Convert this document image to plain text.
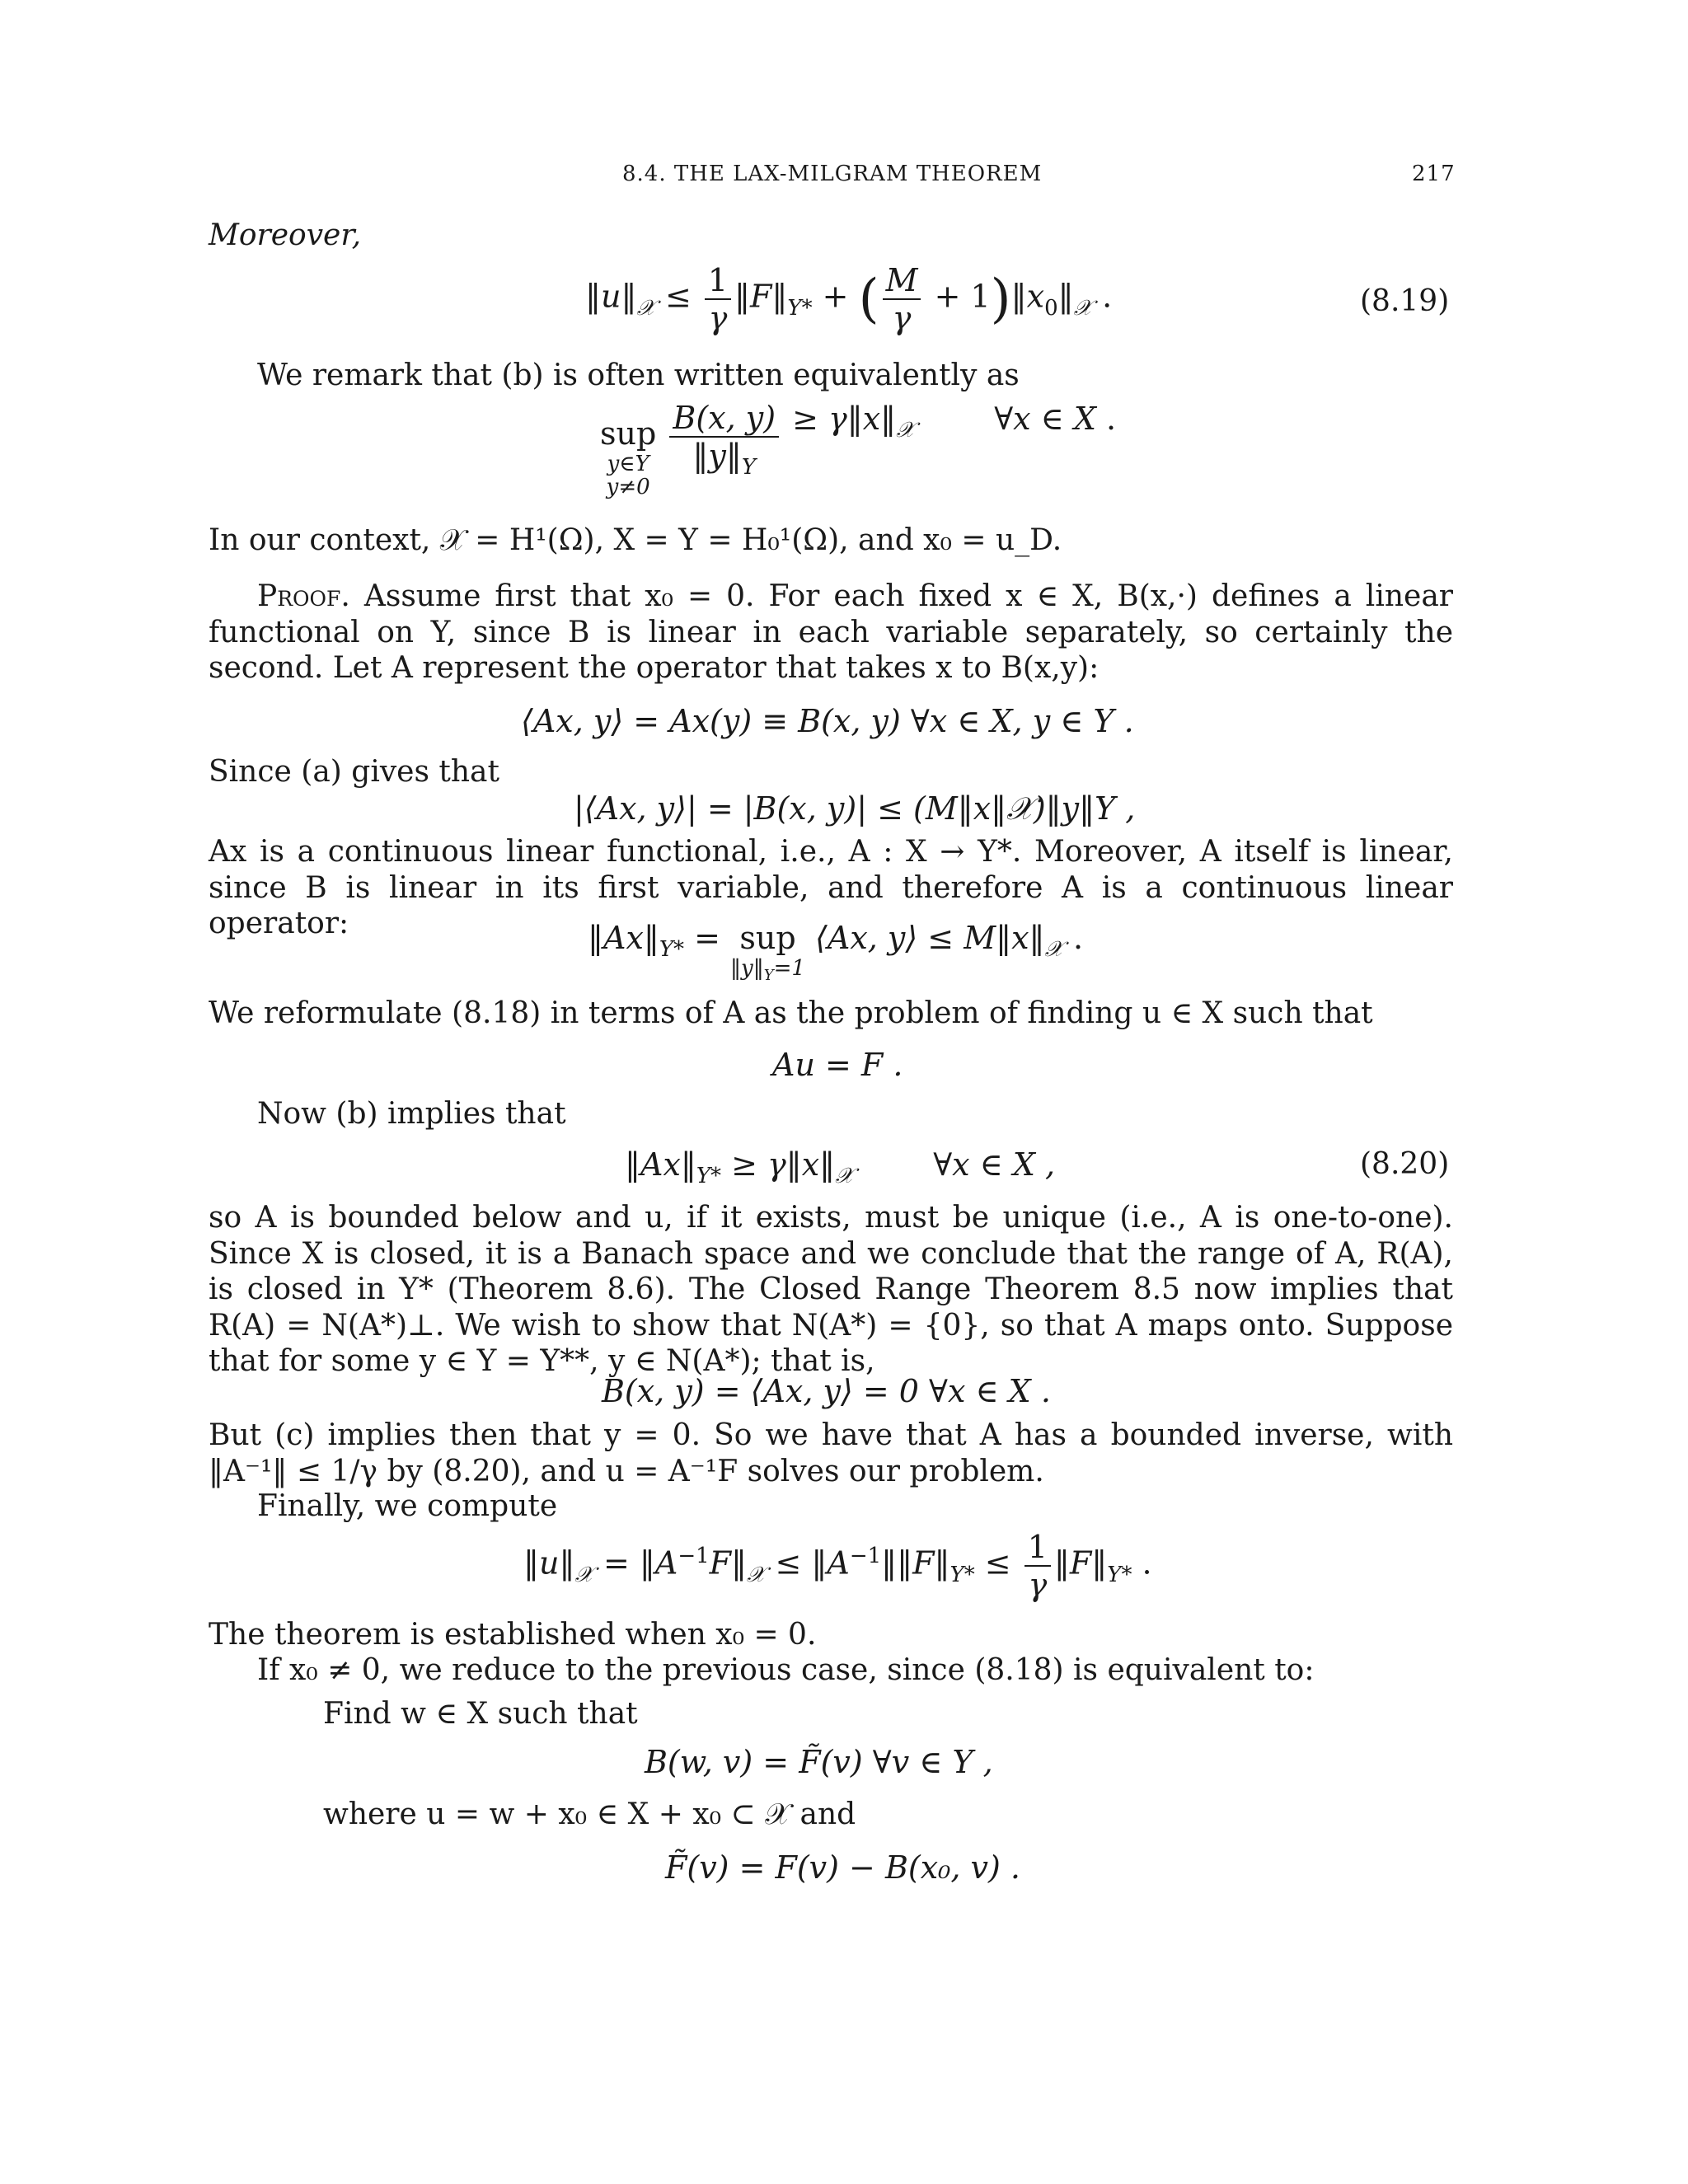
8.4. THE LAX-MILGRAM THEOREM	217
Moreover,
$‖u‖_𝒳 \le \frac{1}{\gamma}$ $‖F‖_{Y*}$ + ( $\frac{M}{\gamma}$ + $1)‖x_0‖_𝒳$ .	(8.19)
We remark that (b) is often written equivalently as
sup
y∈Y
y≠0

$\frac{B(x, y)}{‖y‖_Y}$ ≥ $\gamma‖x‖_𝒳$        ∀x ∈ X .
In our context, 𝒳 = H¹(Ω), X = Y = H₀¹(Ω), and x₀ = u_D.
Proof. Assume first that x₀ = 0. For each fixed x ∈ X, B(x,·) defines a linear functional on Y, since B is linear in each variable separately, so certainly the second. Let A represent the operator that takes x to B(x,y):
⟨Ax, y⟩ = Ax(y) ≡ B(x, y) ∀x ∈ X, y ∈ Y .
Since (a) gives that
|⟨Ax, y⟩| = |B(x, y)| ≤ (M‖x‖𝒳)‖y‖Y ,
Ax is a continuous linear functional, i.e., A : X → Y*. Moreover, A itself is linear, since B is linear in its first variable, and therefore A is a continuous linear operator:	$‖Ax‖_{Y*}$ = sup
$‖y‖_Y=1$
⟨Ax, y⟩ ≤ $M‖x‖_𝒳$ .
We reformulate (8.18) in terms of A as the problem of finding u ∈ X such that
Au = F .
Now (b) implies that
$‖Ax‖_{Y*}$ ≥ $\gamma‖x‖_𝒳$        ∀x ∈ X ,	(8.20)
so A is bounded below and u, if it exists, must be unique (i.e., A is one-to-one). Since X is closed, it is a Banach space and we conclude that the range of A, R(A), is closed in Y* (Theorem 8.6). The Closed Range Theorem 8.5 now implies that R(A) = N(A*)⊥. We wish to show that N(A*) = {0}, so that A maps onto. Suppose that for some y ∈ Y = Y**, y ∈ N(A*); that is,
B(x, y) = ⟨Ax, y⟩ = 0 ∀x ∈ X .
But (c) implies then that y = 0. So we have that A has a bounded inverse, with ‖A⁻¹‖ ≤ 1/γ by (8.20), and u = A⁻¹F solves our problem.
Finally, we compute
$‖u‖_𝒳$ = $‖A^{-1}F‖_𝒳$ ≤ $‖A^{-1}‖‖F‖_{Y*} \le \frac{1}{\gamma}$ $‖F‖_{Y*}$ .
The theorem is established when x₀ = 0.
If x₀ ≠ 0, we reduce to the previous case, since (8.18) is equivalent to:
Find w ∈ X such that
B(w, v) = F̃(v) ∀v ∈ Y ,
where u = w + x₀ ∈ X + x₀ ⊂ 𝒳 and
F̃(v) = F(v) − B(x₀, v) .
